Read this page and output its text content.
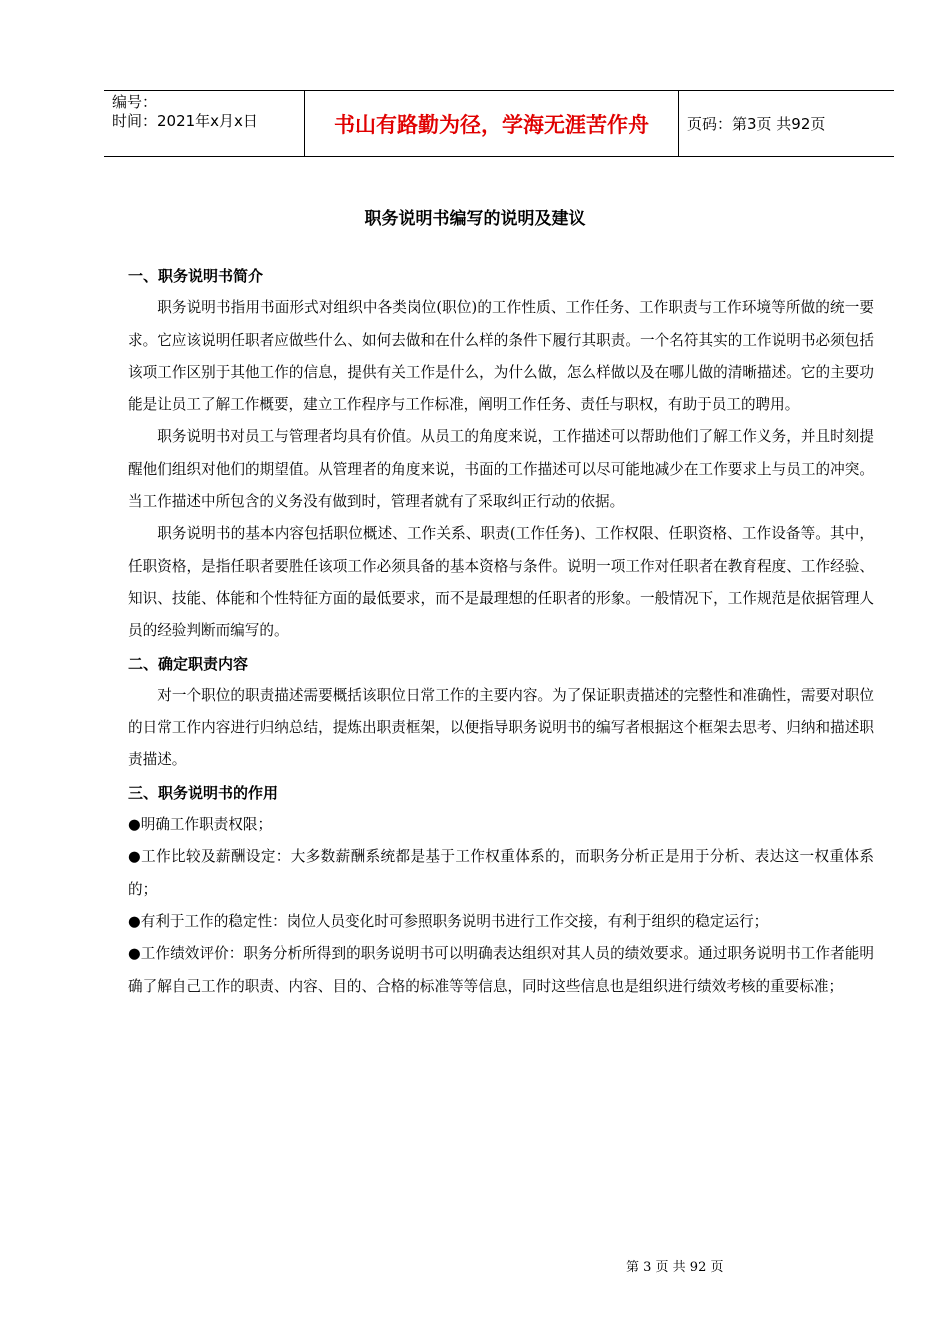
编号：
时间：2021年x月x日	书山有路勤为径，学海无涯苦作舟	页码：第3页 共92页
职务说明书编写的说明及建议
一、职务说明书简介

职务说明书指用书面形式对组织中各类岗位(职位)的工作性质、工作任务、工作职责与工作环境等所做的统一要求。它应该说明任职者应做些什么、如何去做和在什么样的条件下履行其职责。一个名符其实的工作说明书必须包括该项工作区别于其他工作的信息，提供有关工作是什么，为什么做，怎么样做以及在哪儿做的清晰描述。它的主要功能是让员工了解工作概要，建立工作程序与工作标准，阐明工作任务、责任与职权，有助于员工的聘用。

职务说明书对员工与管理者均具有价值。从员工的角度来说，工作描述可以帮助他们了解工作义务，并且时刻提醒他们组织对他们的期望值。从管理者的角度来说，书面的工作描述可以尽可能地减少在工作要求上与员工的冲突。当工作描述中所包含的义务没有做到时，管理者就有了采取纠正行动的依据。

职务说明书的基本内容包括职位概述、工作关系、职责(工作任务)、工作权限、任职资格、工作设备等。其中，任职资格，是指任职者要胜任该项工作必须具备的基本资格与条件。说明一项工作对任职者在教育程度、工作经验、知识、技能、体能和个性特征方面的最低要求，而不是最理想的任职者的形象。一般情况下，工作规范是依据管理人员的经验判断而编写的。

二、确定职责内容

对一个职位的职责描述需要概括该职位日常工作的主要内容。为了保证职责描述的完整性和准确性，需要对职位的日常工作内容进行归纳总结，提炼出职责框架，以便指导职务说明书的编写者根据这个框架去思考、归纳和描述职责描述。

三、职务说明书的作用

●明确工作职责权限；

●工作比较及薪酬设定：大多数薪酬系统都是基于工作权重体系的，而职务分析正是用于分析、表达这一权重体系的；

●有利于工作的稳定性：岗位人员变化时可参照职务说明书进行工作交接，有利于组织的稳定运行；

●工作绩效评价：职务分析所得到的职务说明书可以明确表达组织对其人员的绩效要求。通过职务说明书工作者能明确了解自己工作的职责、内容、目的、合格的标准等等信息，同时这些信息也是组织进行绩效考核的重要标准；

第 3 页 共 92 页
